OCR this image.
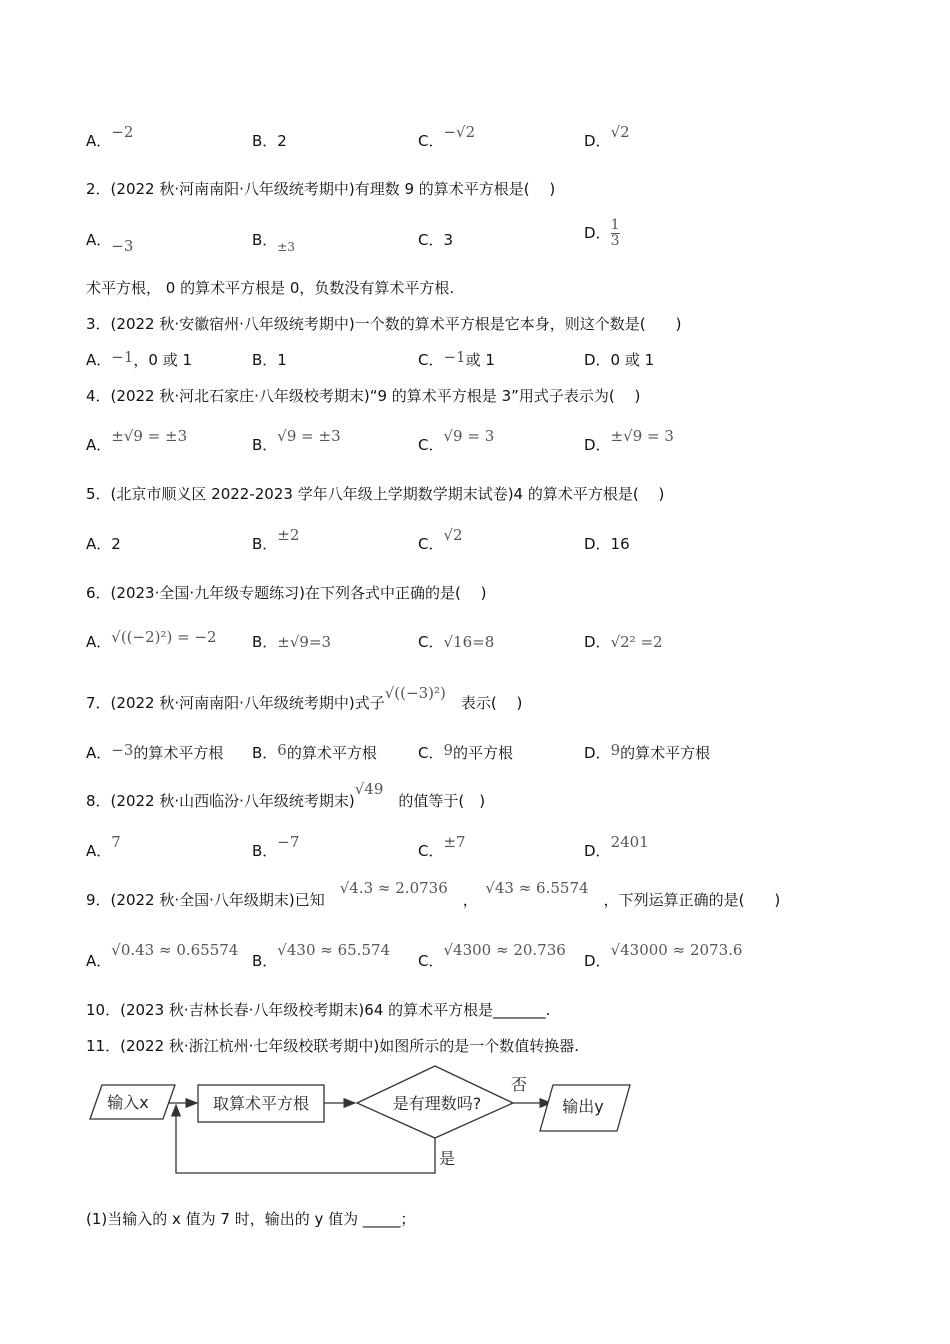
A．−2	B．2	C．−√2	D．√2
2．(2022 秋·河南南阳·八年级统考期中)有理数 9 的算术平方根是(　 )
A．−3	B．$_{\pm 3}$	C．3	D． $\frac{1}{3}$
术平方根， 0 的算术平方根是 0，负数没有算术平方根.
3．(2022 秋·安徽宿州·八年级统考期中)一个数的算术平方根是它本身，则这个数是(　　)
A．−1，0 或 1	B．1	C．−1或 1	D．0 或 1
4．(2022 秋·河北石家庄·八年级校考期末)“9 的算术平方根是 3”用式子表示为(　 )
A．±√9 = ±3	B．√9 = ±3	C．√9 = 3	D．±√9 = 3
5．(北京市顺义区 2022-2023 学年八年级上学期数学期末试卷)4 的算术平方根是(　 )
A．2	B．±2	C．√2	D．16
6．(2023·全国·九年级专题练习)在下列各式中正确的是(　 )
A．√((−2)²) = −2 B．±√9=3	C．√16=8	D．√2² =2
7．(2022 秋·河南南阳·八年级统考期中)式子√((−3)²)　表示(　 )
A．−3的算术平方根 B．6的算术平方根	C．9的平方根	D．9的算术平方根
8．(2022 秋·山西临汾·八年级统考期末)√49　的值等于(　)
A．7	B．−7	C．±7	D．2401
9．(2022 秋·全国·八年级期末)已知　√4.3 ≈ 2.0736　，　√43 ≈ 6.5574　，下列运算正确的是(　　)
A．√0.43 ≈ 0.65574
B．√430 ≈ 65.574
C．√4300 ≈ 20.736
D．√43000 ≈ 2073.6
10．(2023 秋·吉林长春·八年级校考期末)64 的算术平方根是_______.
11．(2022 秋·浙江杭州·七年级校联考期中)如图所示的是一个数值转换器.
输入x	取算术平方根	是有理数吗?
否
输出y
是
(1)当输入的 x 值为 7 时，输出的 y 值为 _____；
